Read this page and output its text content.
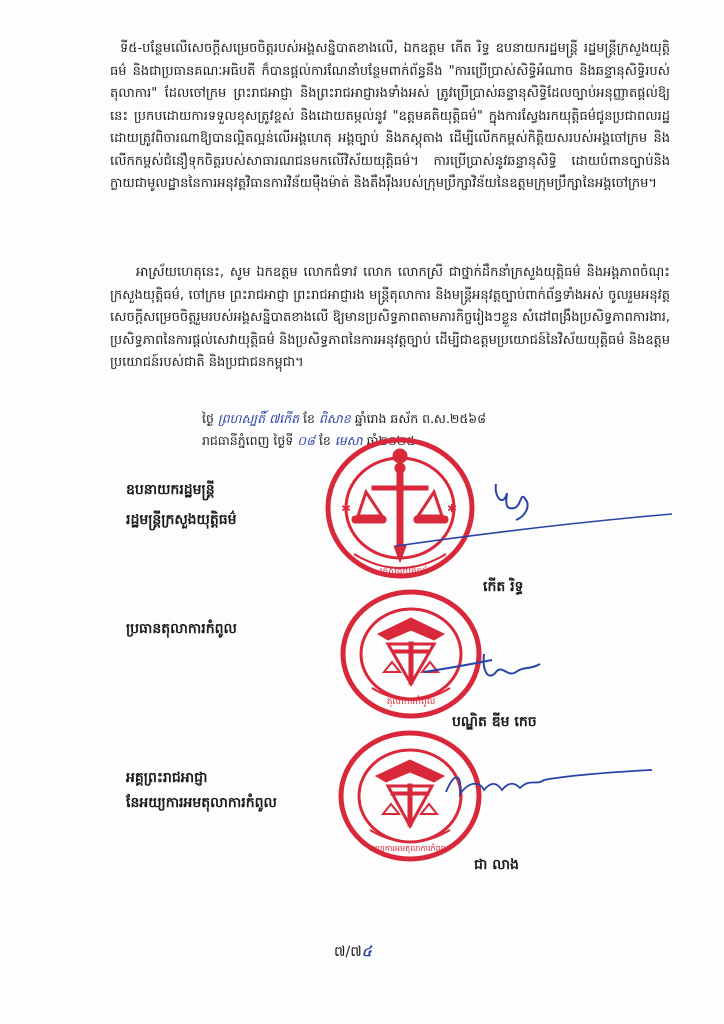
ទី៥-បន្ថែមលើសេចក្តីសម្រេចចិត្តរបស់អង្គសន្និបាតខាងលើ, ឯកឧត្តម កើត រិទ្ធ ឧបនាយករដ្ឋមន្ត្រី រដ្ឋមន្ត្រីក្រសួងយុត្តិធម៌ និងជាប្រធានគណៈអធិបតី ក៏បានផ្តល់ការណែនាំបន្ថែមពាក់ព័ន្ធនឹង "ការប្រើប្រាស់សិទ្ធិអំណាច និងឆន្ទានុសិទ្ធិរបស់តុលាការ" ដែលចៅក្រម ព្រះរាជអាជ្ញា និងព្រះរាជអាជ្ញារងទាំងអស់ ត្រូវប្រើប្រាស់ឆន្ទានុសិទ្ធិដែលច្បាប់អនុញ្ញាតផ្តល់ឱ្យនេះ ប្រកបដោយការទទួលខុសត្រូវខ្ពស់ និងដោយតម្កល់នូវ "ឧត្តមគតិយុត្តិធម៌" ក្នុងការស្វែងរកយុត្តិធម៌ជូនប្រជាពលរដ្ឋ ដោយត្រូវពិចារណាឱ្យបានល្អិតល្អន់លើអង្គហេតុ អង្គច្បាប់ និងភស្តុតាង ដើម្បីលើកកម្ពស់កិត្តិយសរបស់អង្គចៅក្រម និងលើកកម្ពស់ជំនឿទុកចិត្តរបស់សាធារណជនមកលើវិស័យយុត្តិធម៌។ ការប្រើប្រាស់នូវឆន្ទានុសិទ្ធិ ដោយបំពានច្បាប់និងក្លាយជាមូលដ្ឋាននៃការអនុវត្តវិធានការវិន័យម៉ឺងម៉ាត់ និងតឹងរ៉ឹងរបស់ក្រុមប្រឹក្សាវិន័យនៃឧត្តមក្រុមប្រឹក្សានៃអង្គចៅក្រម។

អាស្រ័យហេតុនេះ, សូម ឯកឧត្តម លោកជំទាវ លោក លោកស្រី ជាថ្នាក់ដឹកនាំក្រសួងយុត្តិធម៌ និងអង្គភាពចំណុះក្រសួងយុត្តិធម៌, ចៅក្រម ព្រះរាជអាជ្ញា ព្រះរាជអាជ្ញារង មន្ត្រីតុលាការ និងមន្ត្រីអនុវត្តច្បាប់ពាក់ព័ន្ធទាំងអស់ ចូលរួមអនុវត្តសេចក្តីសម្រេចចិត្តរួមរបស់អង្គសន្និបាតខាងលើ ឱ្យមានប្រសិទ្ធភាពតាមភារកិច្ចរៀងៗខ្លួន សំដៅពង្រឹងប្រសិទ្ធភាពការងារ, ប្រសិទ្ធភាពនៃការផ្តល់សេវាយុត្តិធម៌ និងប្រសិទ្ធភាពនៃការអនុវត្តច្បាប់ ដើម្បីជាឧត្តមប្រយោជន៍នៃវិស័យយុត្តិធម៌ និងឧត្តមប្រយោជន៍របស់ជាតិ និងប្រជាជនកម្ពុជា។

ថ្ងៃ ព្រហស្បតិ៍ ៧កើត ខែ ពិសាខ ឆ្នាំរោង ឆស័ក ព.ស.២៥៦៨
រាជធានីភ្នំពេញ ថ្ងៃទី ០៨ ខែ មេសា ឆ្នាំ២០២៥

ឧបនាយករដ្ឋមន្ត្រី

រដ្ឋមន្ត្រីក្រសួងយុត្តិធម៌	*	*
ក្រសួងយុត្តិធម៌
កើត រិទ្ធ

ប្រធានតុលាការកំពូល

តុលាការកំពូល
បណ្ឌិត ឌីម កេច

អគ្គព្រះរាជអាជ្ញា

នែអយ្យការអមតុលាការកំពូល

អយ្យការអមតុលាការកំពូល
ជា លាង
៧/៧៤
